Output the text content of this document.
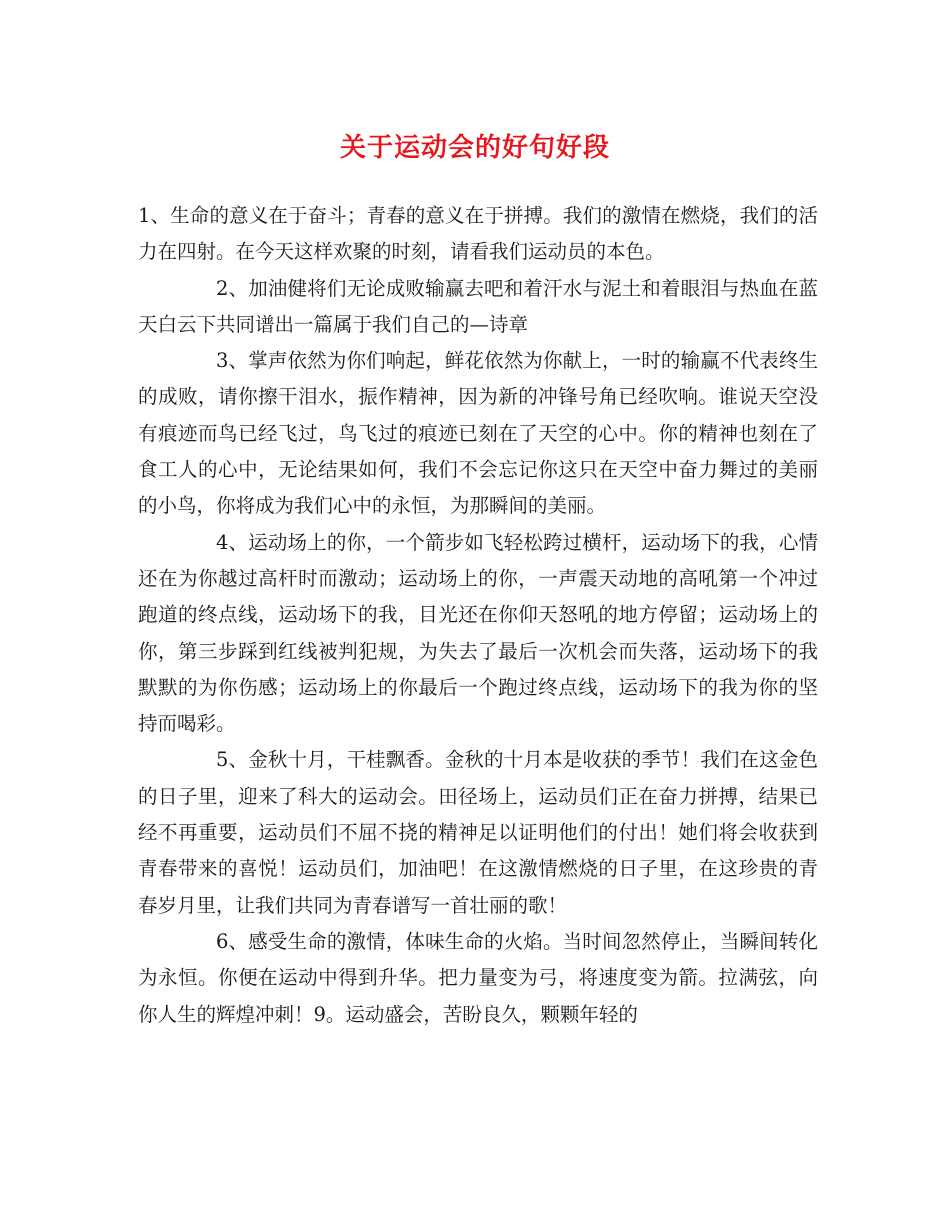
关于运动会的好句好段

1、生命的意义在于奋斗；青春的意义在于拼搏。我们的激情在燃烧，我们的活力在四射。在今天这样欢聚的时刻，请看我们运动员的本色。

2、加油健将们无论成败输赢去吧和着汗水与泥土和着眼泪与热血在蓝天白云下共同谱出一篇属于我们自己的—诗章

3、掌声依然为你们响起，鲜花依然为你献上，一时的输赢不代表终生的成败，请你擦干泪水，振作精神，因为新的冲锋号角已经吹响。谁说天空没有痕迹而鸟已经飞过，鸟飞过的痕迹已刻在了天空的心中。你的精神也刻在了食工人的心中，无论结果如何，我们不会忘记你这只在天空中奋力舞过的美丽的小鸟，你将成为我们心中的永恒，为那瞬间的美丽。

4、运动场上的你，一个箭步如飞轻松跨过横杆，运动场下的我，心情还在为你越过高杆时而激动；运动场上的你，一声震天动地的高吼第一个冲过跑道的终点线，运动场下的我，目光还在你仰天怒吼的地方停留；运动场上的你，第三步踩到红线被判犯规，为失去了最后一次机会而失落，运动场下的我默默的为你伤感；运动场上的你最后一个跑过终点线，运动场下的我为你的坚持而喝彩。

5、金秋十月，干桂飘香。金秋的十月本是收获的季节！我们在这金色的日子里，迎来了科大的运动会。田径场上，运动员们正在奋力拼搏，结果已经不再重要，运动员们不屈不挠的精神足以证明他们的付出！她们将会收获到青春带来的喜悦！运动员们，加油吧！在这激情燃烧的日子里，在这珍贵的青春岁月里，让我们共同为青春谱写一首壮丽的歌！

6、感受生命的激情，体味生命的火焰。当时间忽然停止，当瞬间转化为永恒。你便在运动中得到升华。把力量变为弓，将速度变为箭。拉满弦，向你人生的辉煌冲刺！9。运动盛会，苦盼良久，颗颗年轻的
